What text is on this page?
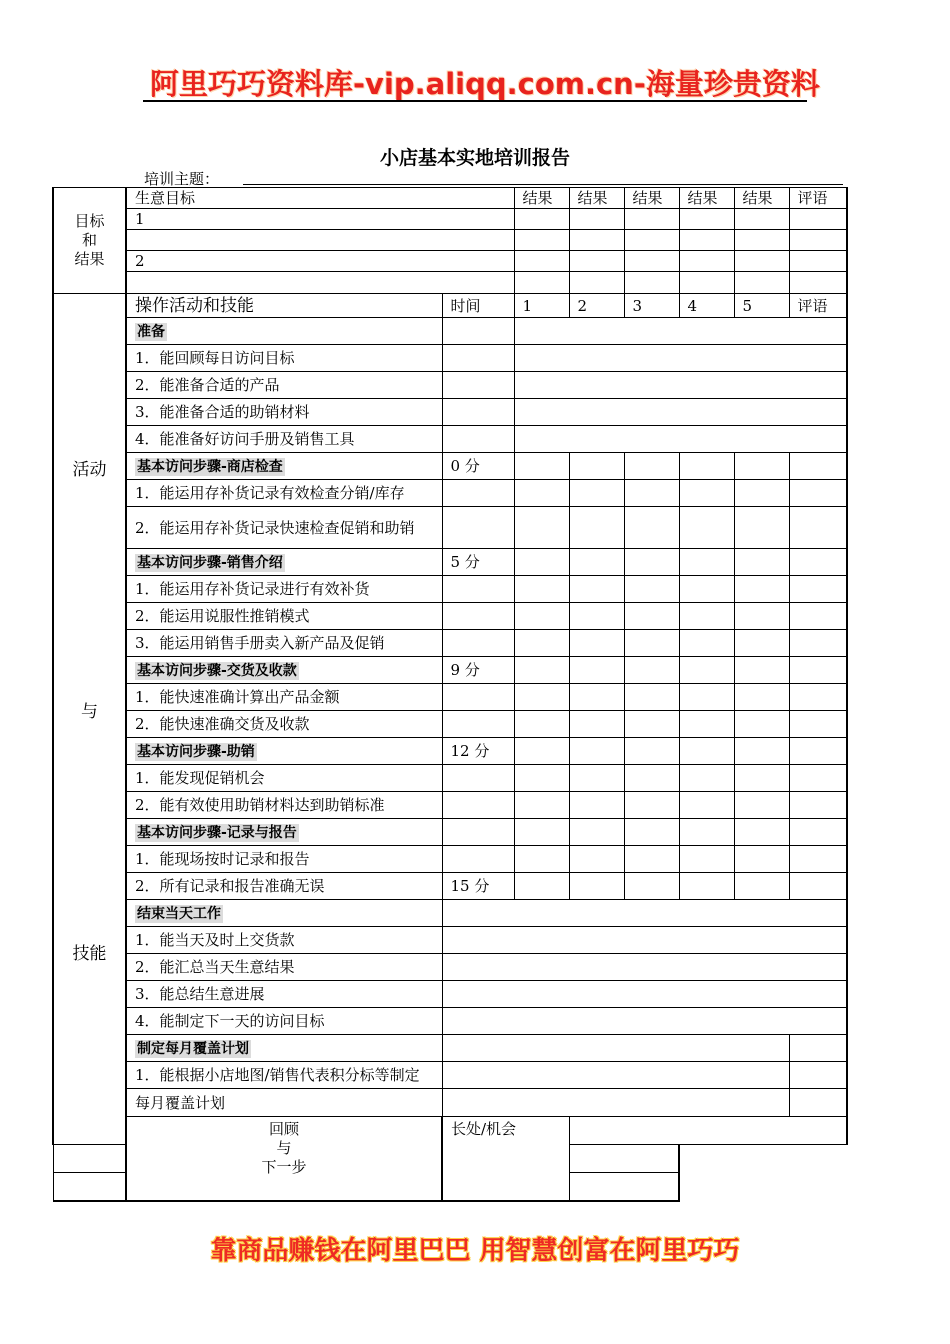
阿里巧巧资料库-vip.aliqq.com.cn-海量珍贵资料
小店基本实地培训报告
培训主题：
目标
和
结果	生意目标		结果	结果	结果	结果	结果	评语
	1							

	2							

活动
与
技能	操作活动和技能	时间	1	2	3	4	5	评语
	准备							
	1．能回顾每日访问目标							
	2．能准备合适的产品							
	3．能准备合适的助销材料							
	4．能准备好访问手册及销售工具							
	基本访问步骤-商店检查	0 分						
	1．能运用存补货记录有效检查分销/库存							
	2．能运用存补货记录快速检查促销和助销							
	基本访问步骤-销售介绍	5 分						
	1．能运用存补货记录进行有效补货							
	2．能运用说服性推销模式							
	3．能运用销售手册卖入新产品及促销							
	基本访问步骤-交货及收款	9 分						
	1．能快速准确计算出产品金额							
	2．能快速准确交货及收款							
	基本访问步骤-助销	12 分						
	1．能发现促销机会							
	2．能有效使用助销材料达到助销标准							
	基本访问步骤-记录与报告							
	1．能现场按时记录和报告							
	2．所有记录和报告准确无误	15 分						
	结束当天工作							
	1．能当天及时上交货款							
	2．能汇总当天生意结果							
	3．能总结生意进展							
	4．能制定下一天的访问目标							
	制定每月覆盖计划							
	1．能根据小店地图/销售代表积分标等制定							
	每月覆盖计划							
	回顾
与
下一步	长处/机会						

靠商品赚钱在阿里巴巴 用智慧创富在阿里巧巧
